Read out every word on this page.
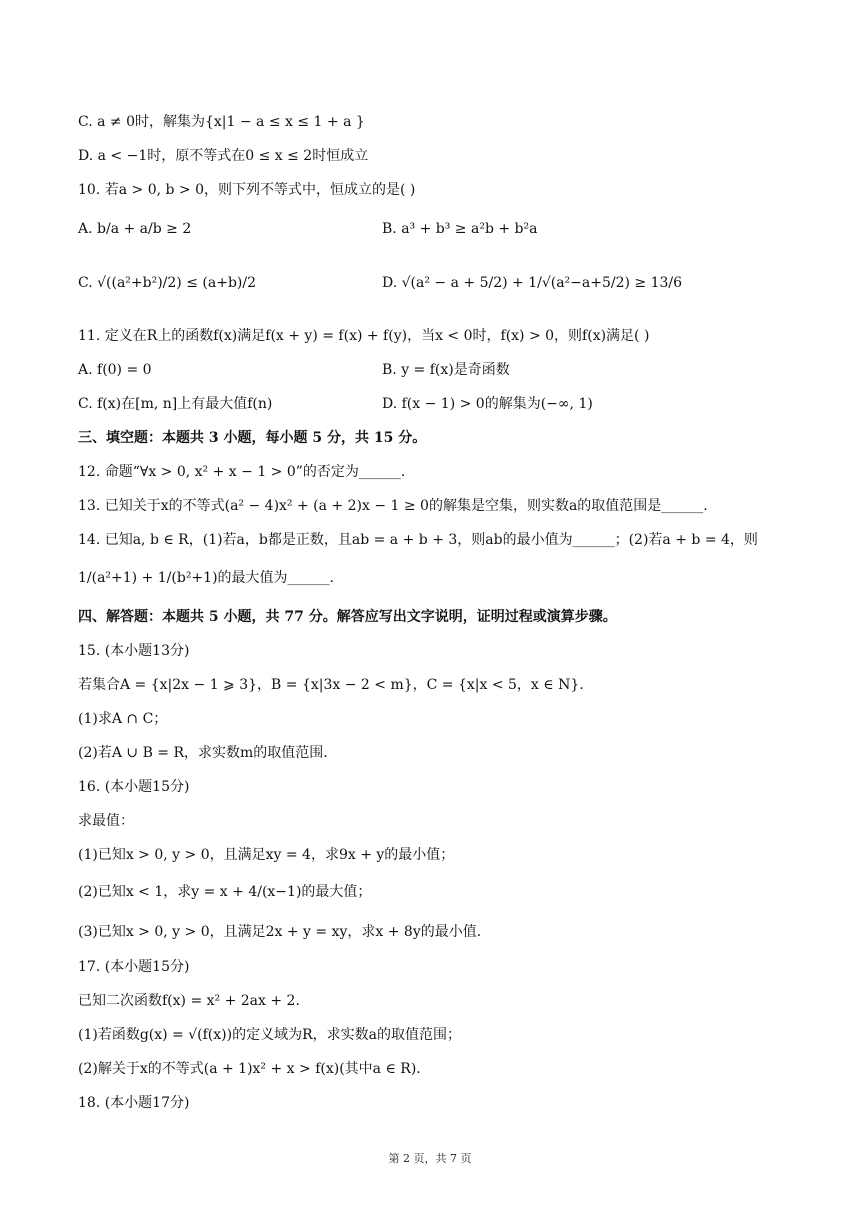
C. a ≠ 0时，解集为{x|1 − a ≤ x ≤ 1 + a }
D. a < −1时，原不等式在0 ≤ x ≤ 2时恒成立
10. 若a > 0, b > 0，则下列不等式中，恒成立的是( )
A. b/a + a/b ≥ 2	B. a³ + b³ ≥ a²b + b²a
C. √((a²+b²)/2) ≤ (a+b)/2	D. √(a² − a + 5/2) + 1/√(a²−a+5/2) ≥ 13/6
11. 定义在R上的函数f(x)满足f(x + y) = f(x) + f(y)，当x < 0时，f(x) > 0，则f(x)满足( )
A. f(0) = 0	B. y = f(x)是奇函数
C. f(x)在[m, n]上有最大值f(n)	D. f(x − 1) > 0的解集为(−∞, 1)
三、填空题：本题共 3 小题，每小题 5 分，共 15 分。
12. 命题“∀x > 0, x² + x − 1 > 0”的否定为______.
13. 已知关于x的不等式(a² − 4)x² + (a + 2)x − 1 ≥ 0的解集是空集，则实数a的取值范围是______.
14. 已知a, b ∈ R，(1)若a，b都是正数，且ab = a + b + 3，则ab的最小值为______；(2)若a + b = 4，则
1/(a²+1) + 1/(b²+1)的最大值为______.
四、解答题：本题共 5 小题，共 77 分。解答应写出文字说明，证明过程或演算步骤。
15. (本小题13分)
若集合A = {x|2x − 1 ⩾ 3}，B = {x|3x − 2 < m}，C = {x|x < 5，x ∈ N}.
(1)求A ∩ C；
(2)若A ∪ B = R，求实数m的取值范围.
16. (本小题15分)
求最值：
(1)已知x > 0, y > 0，且满足xy = 4，求9x + y的最小值；
(2)已知x < 1，求y = x + 4/(x−1)的最大值；
(3)已知x > 0, y > 0，且满足2x + y = xy，求x + 8y的最小值.
17. (本小题15分)
已知二次函数f(x) = x² + 2ax + 2.
(1)若函数g(x) = √(f(x))的定义域为R，求实数a的取值范围；
(2)解关于x的不等式(a + 1)x² + x > f(x)(其中a ∈ R).
18. (本小题17分)
第 2 页，共 7 页
